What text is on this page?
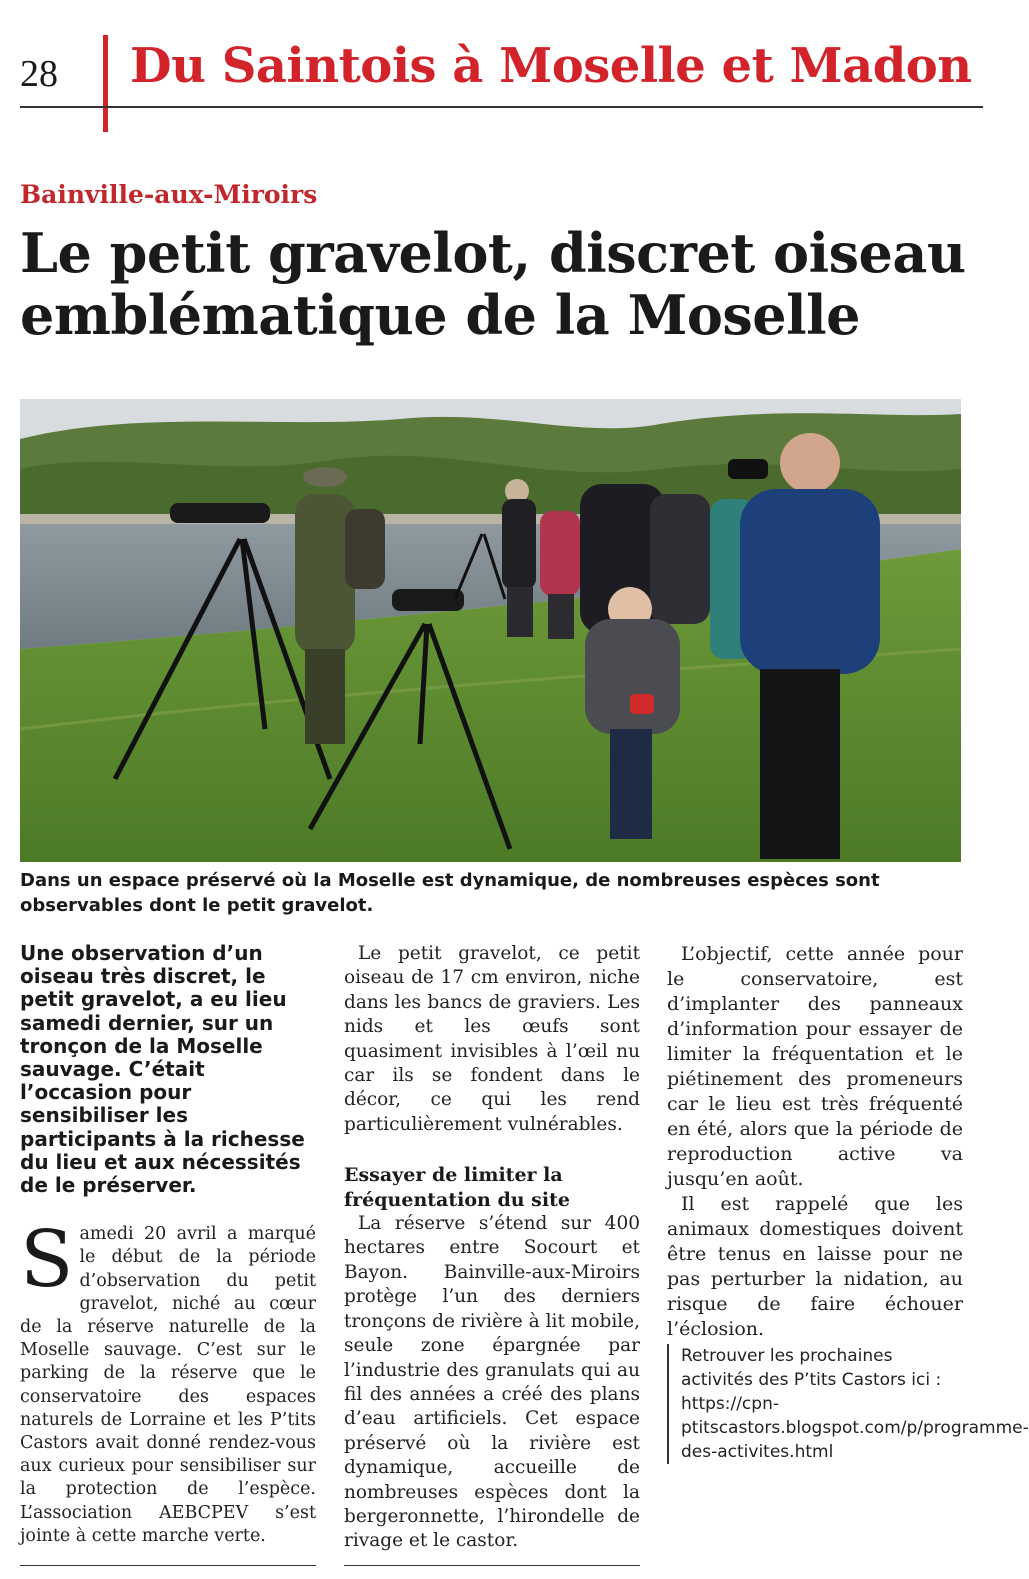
28 Du Saintois à Moselle et Madon
Bainville-aux-Miroirs
Le petit gravelot, discret oiseau emblématique de la Moselle

Dans un espace préservé où la Moselle est dynamique, de nombreuses espèces sont observables dont le petit gravelot.

Une observation d’un oiseau très discret, le petit gravelot, a eu lieu samedi dernier, sur un tronçon de la Moselle sauvage. C’était l’occasion pour sensibiliser les participants à la richesse du lieu et aux nécessités de le préserver.

Samedi 20 avril a marqué le début de la période d’observation du petit gravelot, niché au cœur de la réserve naturelle de la Moselle sauvage. C’est sur le parking de la réserve que le conservatoire des espaces naturels de Lorraine et les P’tits Castors avait donné rendez-vous aux curieux pour sensibiliser sur la protection de l’espèce. L’association AEBCPEV s’est jointe à cette marche verte.

Le petit gravelot, ce petit oiseau de 17 cm environ, niche dans les bancs de graviers. Les nids et les œufs sont quasiment invisibles à l’œil nu car ils se fondent dans le décor, ce qui les rend particulièrement vulnérables.

Essayer de limiter la fréquentation du site

La réserve s’étend sur 400 hectares entre Socourt et Bayon. Bainville-aux-Miroirs protège l’un des derniers tronçons de rivière à lit mobile, seule zone épargnée par l’industrie des granulats qui au fil des années a créé des plans d’eau artificiels. Cet espace préservé où la rivière est dynamique, accueille de nombreuses espèces dont la bergeronnette, l’hirondelle de rivage et le castor.

L’objectif, cette année pour le conservatoire, est d’implanter des panneaux d’information pour essayer de limiter la fréquentation et le piétinement des promeneurs car le lieu est très fréquenté en été, alors que la période de reproduction active va jusqu’en août.

Il est rappelé que les animaux domestiques doivent être tenus en laisse pour ne pas perturber la nidation, au risque de faire échouer l’éclosion.

Retrouver les prochaines activités des P’tits Castors ici : https://cpn-ptitscastors.blogspot.com/p/programme-des-activites.html
